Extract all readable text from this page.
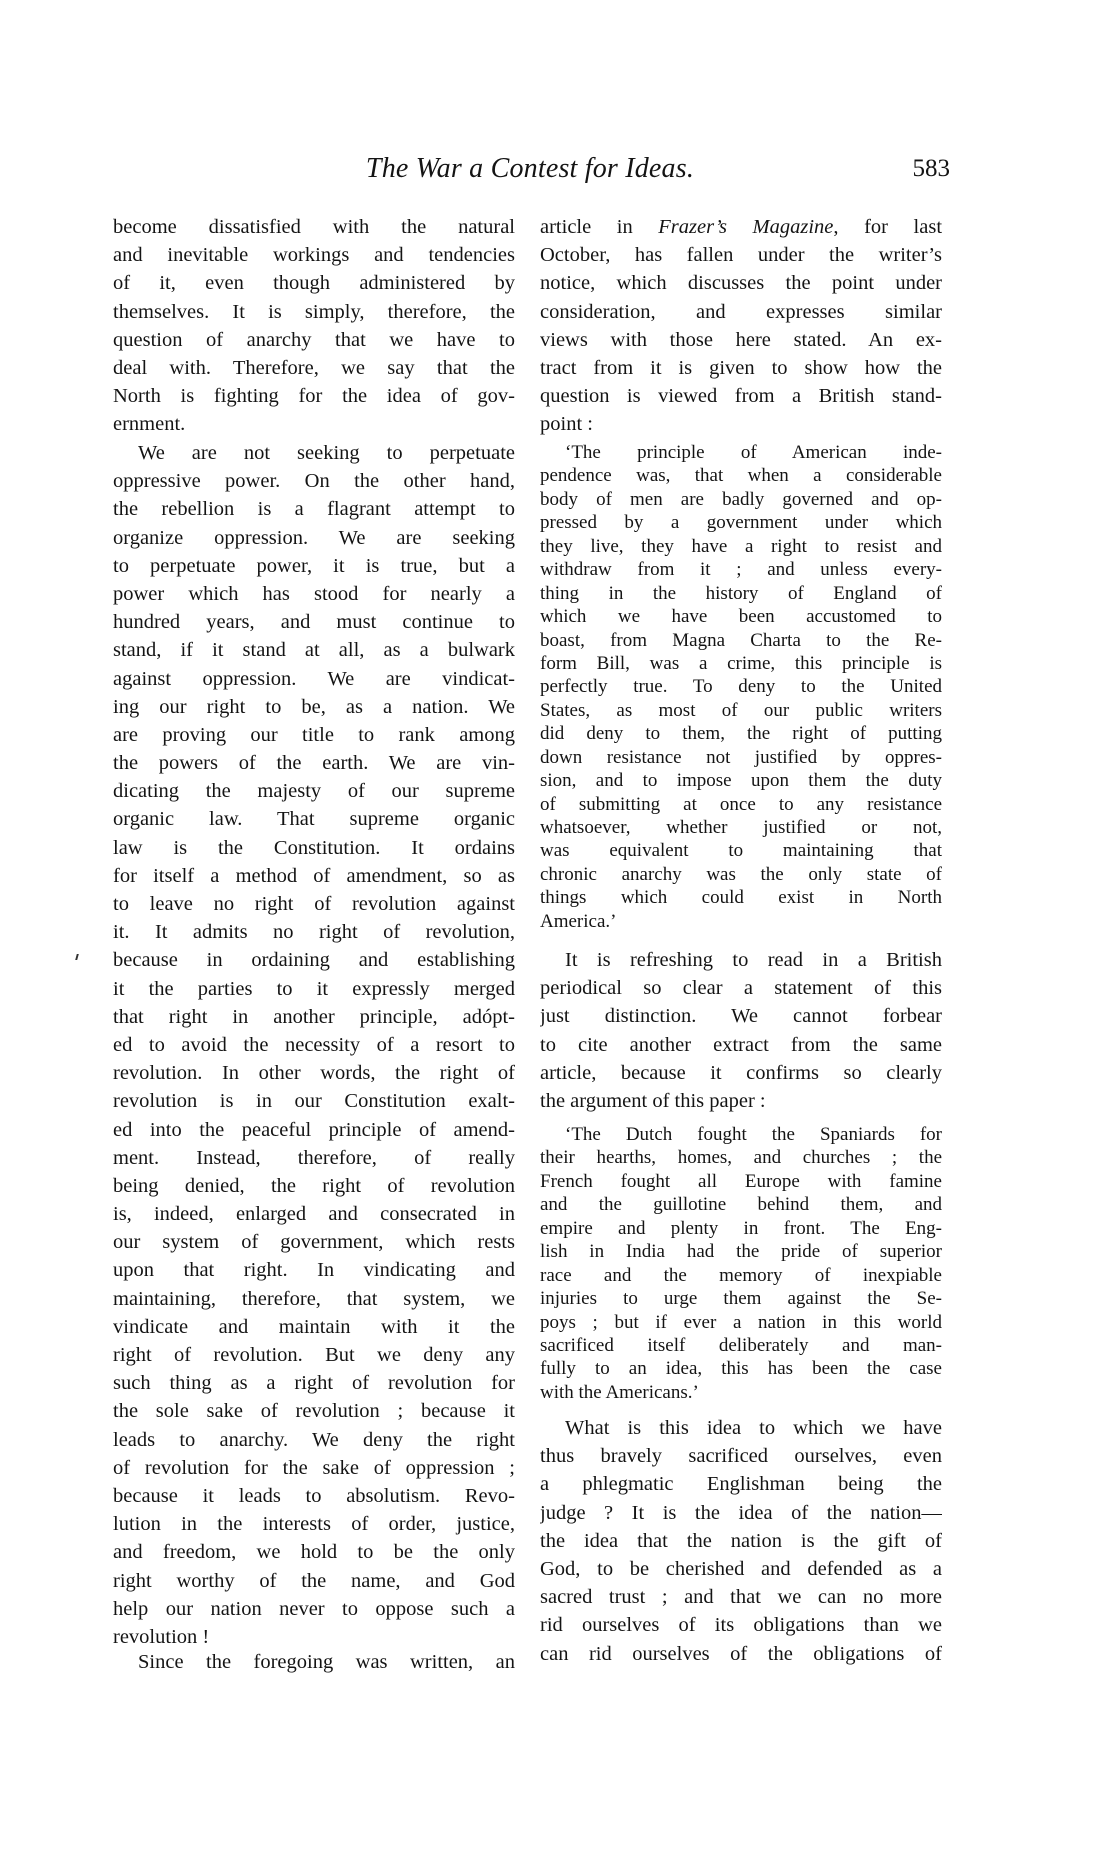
The War a Contest for Ideas.	583
become dissatisfied with the natural
and inevitable workings and tendencies
of it, even though administered by
themselves. It is simply, therefore, the
question of anarchy that we have to
deal with. Therefore, we say that the
North is fighting for the idea of gov-
ernment.
We are not seeking to perpetuate
oppressive power. On the other hand,
the rebellion is a flagrant attempt to
organize oppression. We are seeking
to perpetuate power, it is true, but a
power which has stood for nearly a
hundred years, and must continue to
stand, if it stand at all, as a bulwark
against oppression. We are vindicat-
ing our right to be, as a nation. We
are proving our title to rank among
the powers of the earth. We are vin-
dicating the majesty of our supreme
organic law. That supreme organic
law is the Constitution. It ordains
for itself a method of amendment, so as
to leave no right of revolution against
it. It admits no right of revolution,
because in ordaining and establishing
it the parties to it expressly merged
that right in another principle, adópt-
ed to avoid the necessity of a resort to
revolution. In other words, the right of
revolution is in our Constitution exalt-
ed into the peaceful principle of amend-
ment. Instead, therefore, of really
being denied, the right of revolution
is, indeed, enlarged and consecrated in
our system of government, which rests
upon that right. In vindicating and
maintaining, therefore, that system, we
vindicate and maintain with it the
right of revolution. But we deny any
such thing as a right of revolution for
the sole sake of revolution ; because it
leads to anarchy. We deny the right
of revolution for the sake of oppression ;
because it leads to absolutism. Revo-
lution in the interests of order, justice,
and freedom, we hold to be the only
right worthy of the name, and God
help our nation never to oppose such a
revolution !
Since the foregoing was written, an
article in Frazer’s Magazine, for last
October, has fallen under the writer’s
notice, which discusses the point under
consideration, and expresses similar
views with those here stated. An ex-
tract from it is given to show how the
question is viewed from a British stand-
point :
‘The principle of American inde-
pendence was, that when a considerable
body of men are badly governed and op-
pressed by a government under which
they live, they have a right to resist and
withdraw from it ; and unless every-
thing in the history of England of
which we have been accustomed to
boast, from Magna Charta to the Re-
form Bill, was a crime, this principle is
perfectly true. To deny to the United
States, as most of our public writers
did deny to them, the right of putting
down resistance not justified by oppres-
sion, and to impose upon them the duty
of submitting at once to any resistance
whatsoever, whether justified or not,
was equivalent to maintaining that
chronic anarchy was the only state of
things which could exist in North
America.’
It is refreshing to read in a British
periodical so clear a statement of this
just distinction. We cannot forbear
to cite another extract from the same
article, because it confirms so clearly
the argument of this paper :
‘The Dutch fought the Spaniards for
their hearths, homes, and churches ; the
French fought all Europe with famine
and the guillotine behind them, and
empire and plenty in front. The Eng-
lish in India had the pride of superior
race and the memory of inexpiable
injuries to urge them against the Se-
poys ; but if ever a nation in this world
sacrificed itself deliberately and man-
fully to an idea, this has been the case
with the Americans.’
What is this idea to which we have
thus bravely sacrificed ourselves, even
a phlegmatic Englishman being the
judge ? It is the idea of the nation—
the idea that the nation is the gift of
God, to be cherished and defended as a
sacred trust ; and that we can no more
rid ourselves of its obligations than we
can rid ourselves of the obligations of
